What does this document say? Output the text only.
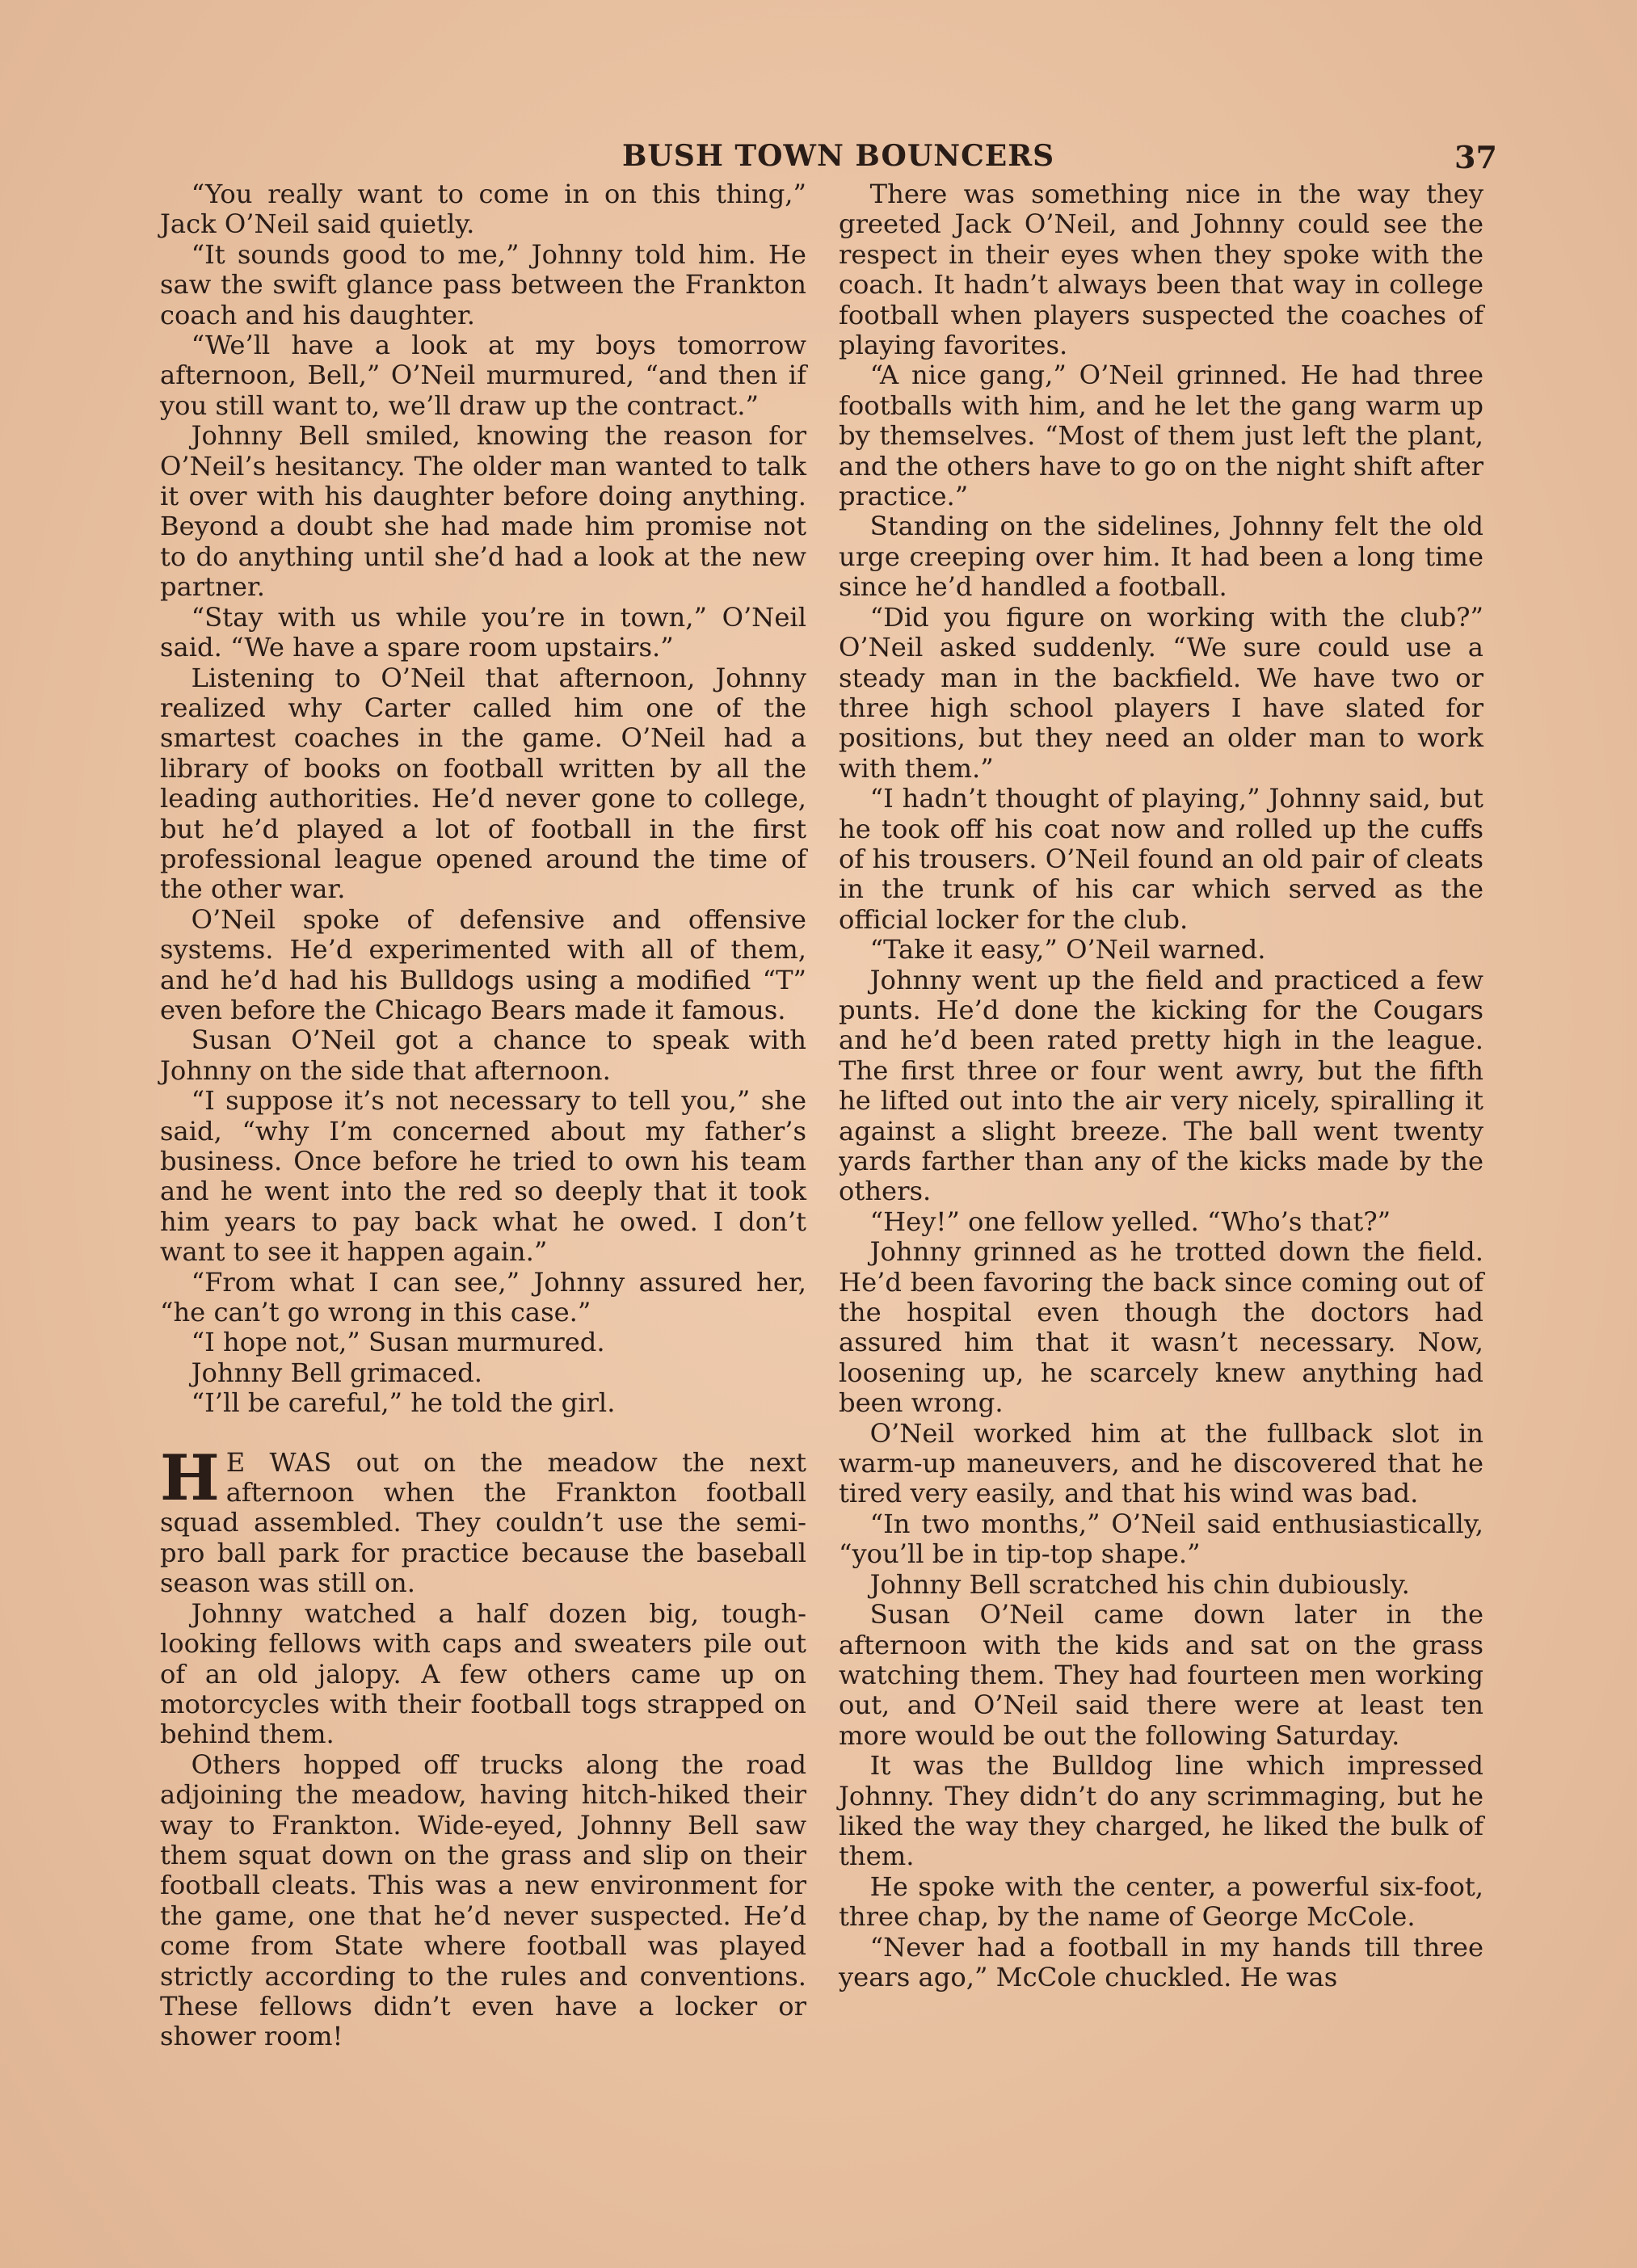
BUSH TOWN BOUNCERS	37

“You really want to come in on this thing,” Jack O’Neil said quietly.

“It sounds good to me,” Johnny told him. He saw the swift glance pass between the Frankton coach and his daughter.

“We’ll have a look at my boys tomorrow afternoon, Bell,” O’Neil murmured, “and then if you still want to, we’ll draw up the contract.”

Johnny Bell smiled, knowing the reason for O’Neil’s hesitancy. The older man wanted to talk it over with his daughter before doing anything. Beyond a doubt she had made him promise not to do anything until she’d had a look at the new partner.

“Stay with us while you’re in town,” O’Neil said. “We have a spare room upstairs.”

Listening to O’Neil that afternoon, Johnny realized why Carter called him one of the smartest coaches in the game. O’Neil had a library of books on football written by all the leading authorities. He’d never gone to college, but he’d played a lot of football in the first professional league opened around the time of the other war.

O’Neil spoke of defensive and offensive systems. He’d experimented with all of them, and he’d had his Bulldogs using a modified “T” even before the Chicago Bears made it famous.

Susan O’Neil got a chance to speak with Johnny on the side that afternoon.

“I suppose it’s not necessary to tell you,” she said, “why I’m concerned about my father’s business. Once before he tried to own his team and he went into the red so deeply that it took him years to pay back what he owed. I don’t want to see it happen again.”

“From what I can see,” Johnny assured her, “he can’t go wrong in this case.”

“I hope not,” Susan murmured.

Johnny Bell grimaced.

“I’ll be careful,” he told the girl.

H E WAS out on the meadow the next afternoon when the Frankton football squad assembled. They couldn’t use the semi-pro ball park for practice because the baseball season was still on.

Johnny watched a half dozen big, tough-looking fellows with caps and sweaters pile out of an old jalopy. A few others came up on motorcycles with their football togs strapped on behind them.

Others hopped off trucks along the road adjoining the meadow, having hitch-hiked their way to Frankton. Wide-eyed, Johnny Bell saw them squat down on the grass and slip on their football cleats. This was a new environment for the game, one that he’d never suspected. He’d come from State where football was played strictly according to the rules and conventions. These fellows didn’t even have a locker or shower room!

There was something nice in the way they greeted Jack O’Neil, and Johnny could see the respect in their eyes when they spoke with the coach. It hadn’t always been that way in college football when players suspected the coaches of playing favorites.

“A nice gang,” O’Neil grinned. He had three footballs with him, and he let the gang warm up by themselves. “Most of them just left the plant, and the others have to go on the night shift after practice.”

Standing on the sidelines, Johnny felt the old urge creeping over him. It had been a long time since he’d handled a football.

“Did you figure on working with the club?” O’Neil asked suddenly. “We sure could use a steady man in the backfield. We have two or three high school players I have slated for positions, but they need an older man to work with them.”

“I hadn’t thought of playing,” Johnny said, but he took off his coat now and rolled up the cuffs of his trousers. O’Neil found an old pair of cleats in the trunk of his car which served as the official locker for the club.

“Take it easy,” O’Neil warned.

Johnny went up the field and practiced a few punts. He’d done the kicking for the Cougars and he’d been rated pretty high in the league. The first three or four went awry, but the fifth he lifted out into the air very nicely, spiralling it against a slight breeze. The ball went twenty yards farther than any of the kicks made by the others.

“Hey!” one fellow yelled. “Who’s that?”

Johnny grinned as he trotted down the field. He’d been favoring the back since coming out of the hospital even though the doctors had assured him that it wasn’t necessary. Now, loosening up, he scarcely knew anything had been wrong.

O’Neil worked him at the fullback slot in warm-up maneuvers, and he discovered that he tired very easily, and that his wind was bad.

“In two months,” O’Neil said enthusiastically, “you’ll be in tip-top shape.”

Johnny Bell scratched his chin dubiously.

Susan O’Neil came down later in the afternoon with the kids and sat on the grass watching them. They had fourteen men working out, and O’Neil said there were at least ten more would be out the following Saturday.

It was the Bulldog line which impressed Johnny. They didn’t do any scrimmaging, but he liked the way they charged, he liked the bulk of them.

He spoke with the center, a powerful six-foot, three chap, by the name of George McCole.

“Never had a football in my hands till three years ago,” McCole chuckled. He was
